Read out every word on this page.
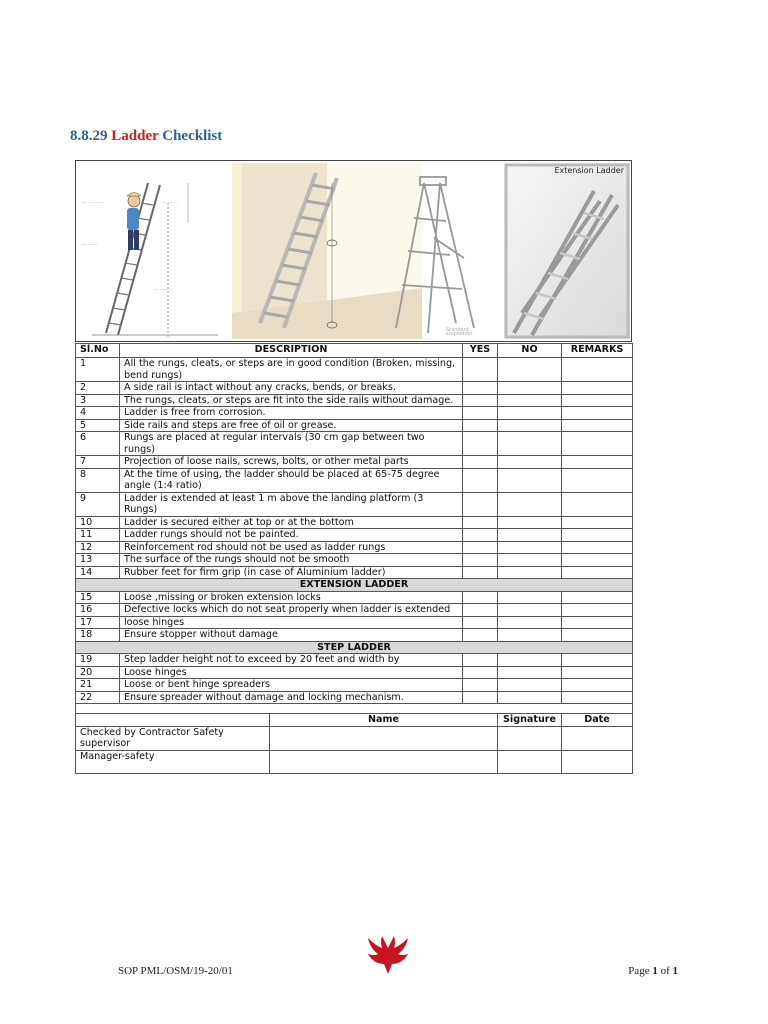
8.8.29 Ladder Checklist
···· ···· ···· ····	···· ···· ····
···· ···· ····
···· ···· ····
Standard stepladder
Extension Ladder
Sl.No	DESCRIPTION		YES	NO	REMARKS
1	All the rungs, cleats, or steps are in good condition (Broken, missing, bend rungs)				
2	A side rail is intact without any cracks, bends, or breaks.				
3	The rungs, cleats, or steps are fit into the side rails without damage.				
4	Ladder is free from corrosion.				
5	Side rails and steps are free of oil or grease.				
6	Rungs are placed at regular intervals (30 cm gap between two rungs)				
7	Projection of loose nails, screws, bolts, or other metal parts				
8	At the time of using, the ladder should be placed at 65-75 degree angle (1:4 ratio)				
9	Ladder is extended at least 1 m above the landing platform (3 Rungs)				
10	Ladder is secured either at top or at the bottom				
11	Ladder rungs should not be painted.				
12	Reinforcement rod should not be used as ladder rungs				
13	The surface of the rungs should not be smooth				
14	Rubber feet for firm grip (in case of Aluminium ladder)				
EXTENSION LADDER					
15	Loose ,missing or broken extension locks				
16	Defective locks which do not seat properly when ladder is extended				
17	loose hinges				
18	Ensure stopper without damage				
STEP LADDER					
19	Step ladder height not to exceed by 20 feet and width by				
20	Loose hinges				
21	Loose or bent hinge spreaders				
22	Ensure spreader without damage and locking mechanism.				

		Name		Signature	Date
Checked by Contractor Safety supervisor					
Manager-safety					
SOP PML/OSM/19-20/01	Page 1 of 1
